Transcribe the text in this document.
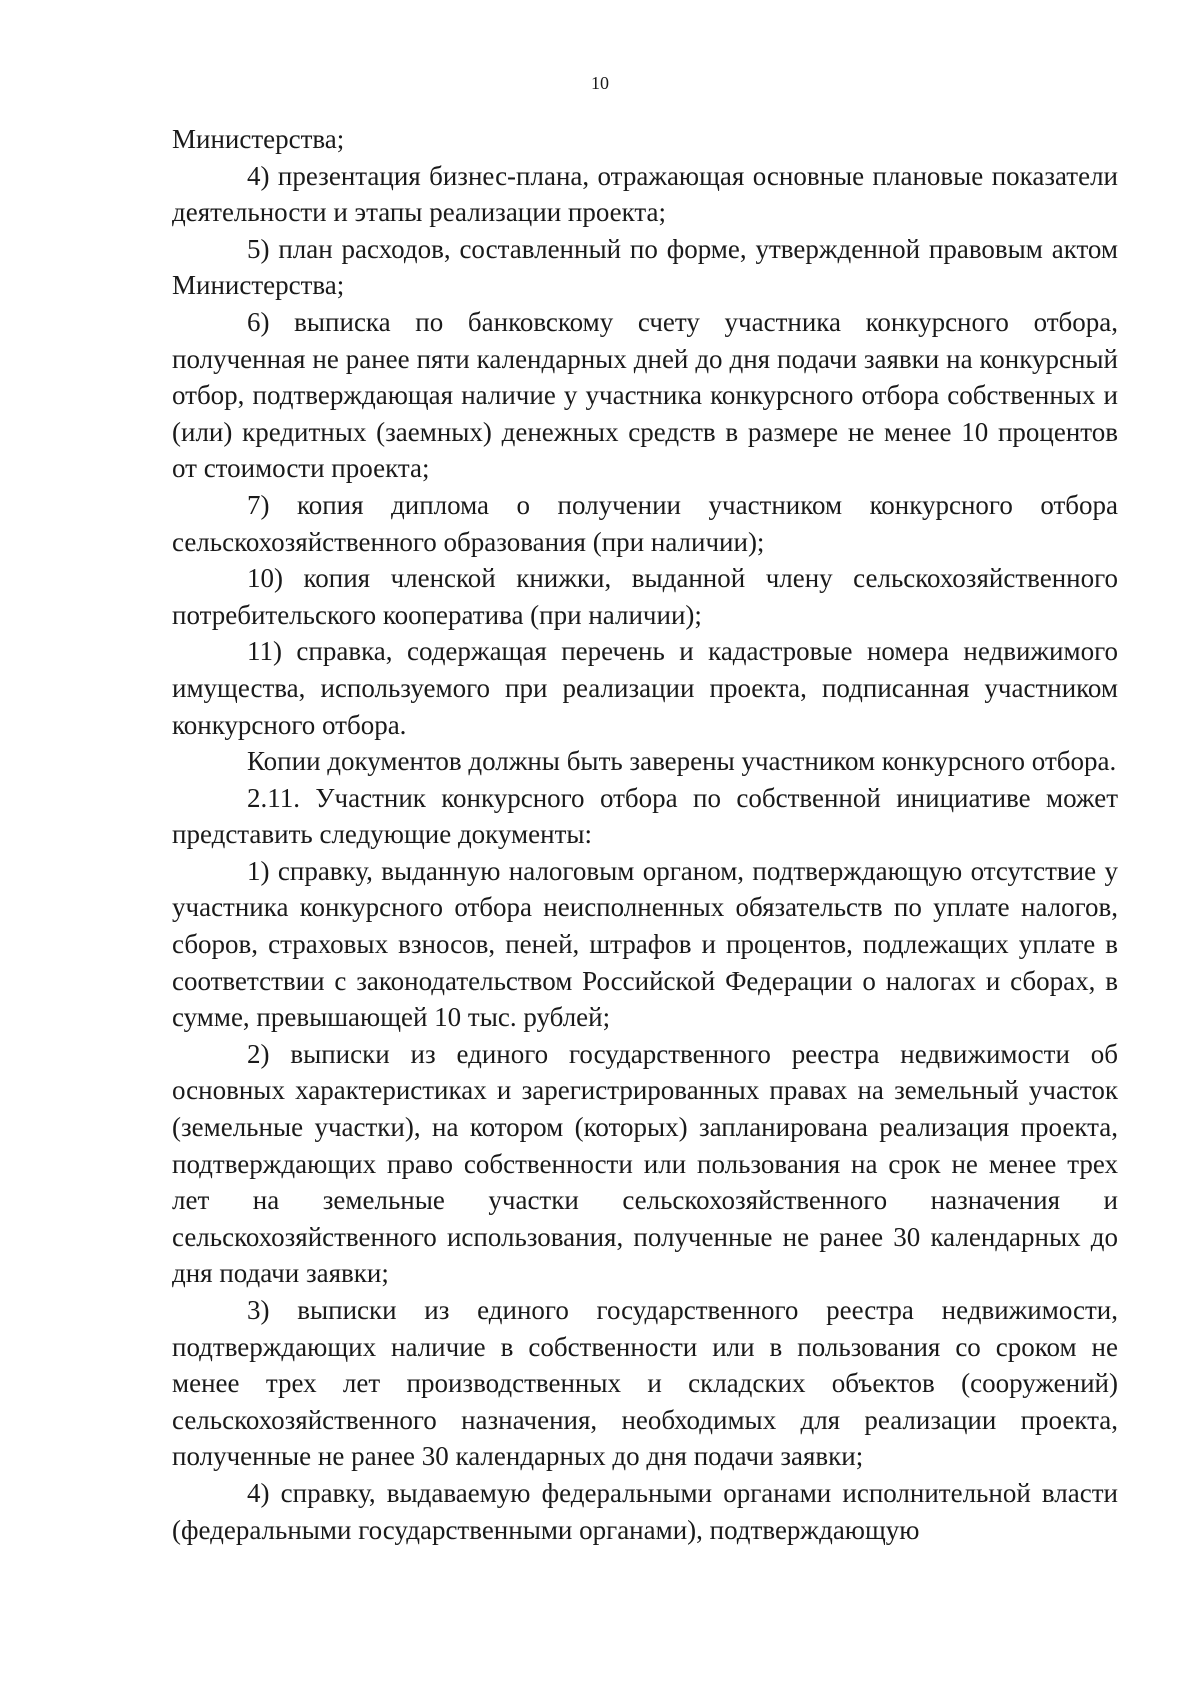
10

Министерства;

4) презентация бизнес-плана, отражающая основные плановые показатели деятельности и этапы реализации проекта;

5) план расходов, составленный по форме, утвержденной правовым актом Министерства;

6) выписка по банковскому счету участника конкурсного отбора, полученная не ранее пяти календарных дней до дня подачи заявки на конкурсный отбор, подтверждающая наличие у участника конкурсного отбора собственных и (или) кредитных (заемных) денежных средств в размере не менее 10 процентов от стоимости проекта;

7) копия диплома о получении участником конкурсного отбора сельскохозяйственного образования (при наличии);

10) копия членской книжки, выданной члену сельскохозяйственного потребительского кооператива (при наличии);

11) справка, содержащая перечень и кадастровые номера недвижимого имущества, используемого при реализации проекта, подписанная участником конкурсного отбора.

Копии документов должны быть заверены участником конкурсного отбора.

2.11. Участник конкурсного отбора по собственной инициативе может представить следующие документы:

1) справку, выданную налоговым органом, подтверждающую отсутствие у участника конкурсного отбора неисполненных обязательств по уплате налогов, сборов, страховых взносов, пеней, штрафов и процентов, подлежащих уплате в соответствии с законодательством Российской Федерации о налогах и сборах, в сумме, превышающей 10 тыс. рублей;

2) выписки из единого государственного реестра недвижимости об основных характеристиках и зарегистрированных правах на земельный участок (земельные участки), на котором (которых) запланирована реализация проекта, подтверждающих право собственности или пользования на срок не менее трех лет на земельные участки сельскохозяйственного назначения и сельскохозяйственного использования, полученные не ранее 30 календарных до дня подачи заявки;

3) выписки из единого государственного реестра недвижимости, подтверждающих наличие в собственности или в пользования со сроком не менее трех лет производственных и складских объектов (сооружений) сельскохозяйственного назначения, необходимых для реализации проекта, полученные не ранее 30 календарных до дня подачи заявки;

4) справку, выдаваемую федеральными органами исполнительной власти (федеральными государственными органами), подтверждающую
